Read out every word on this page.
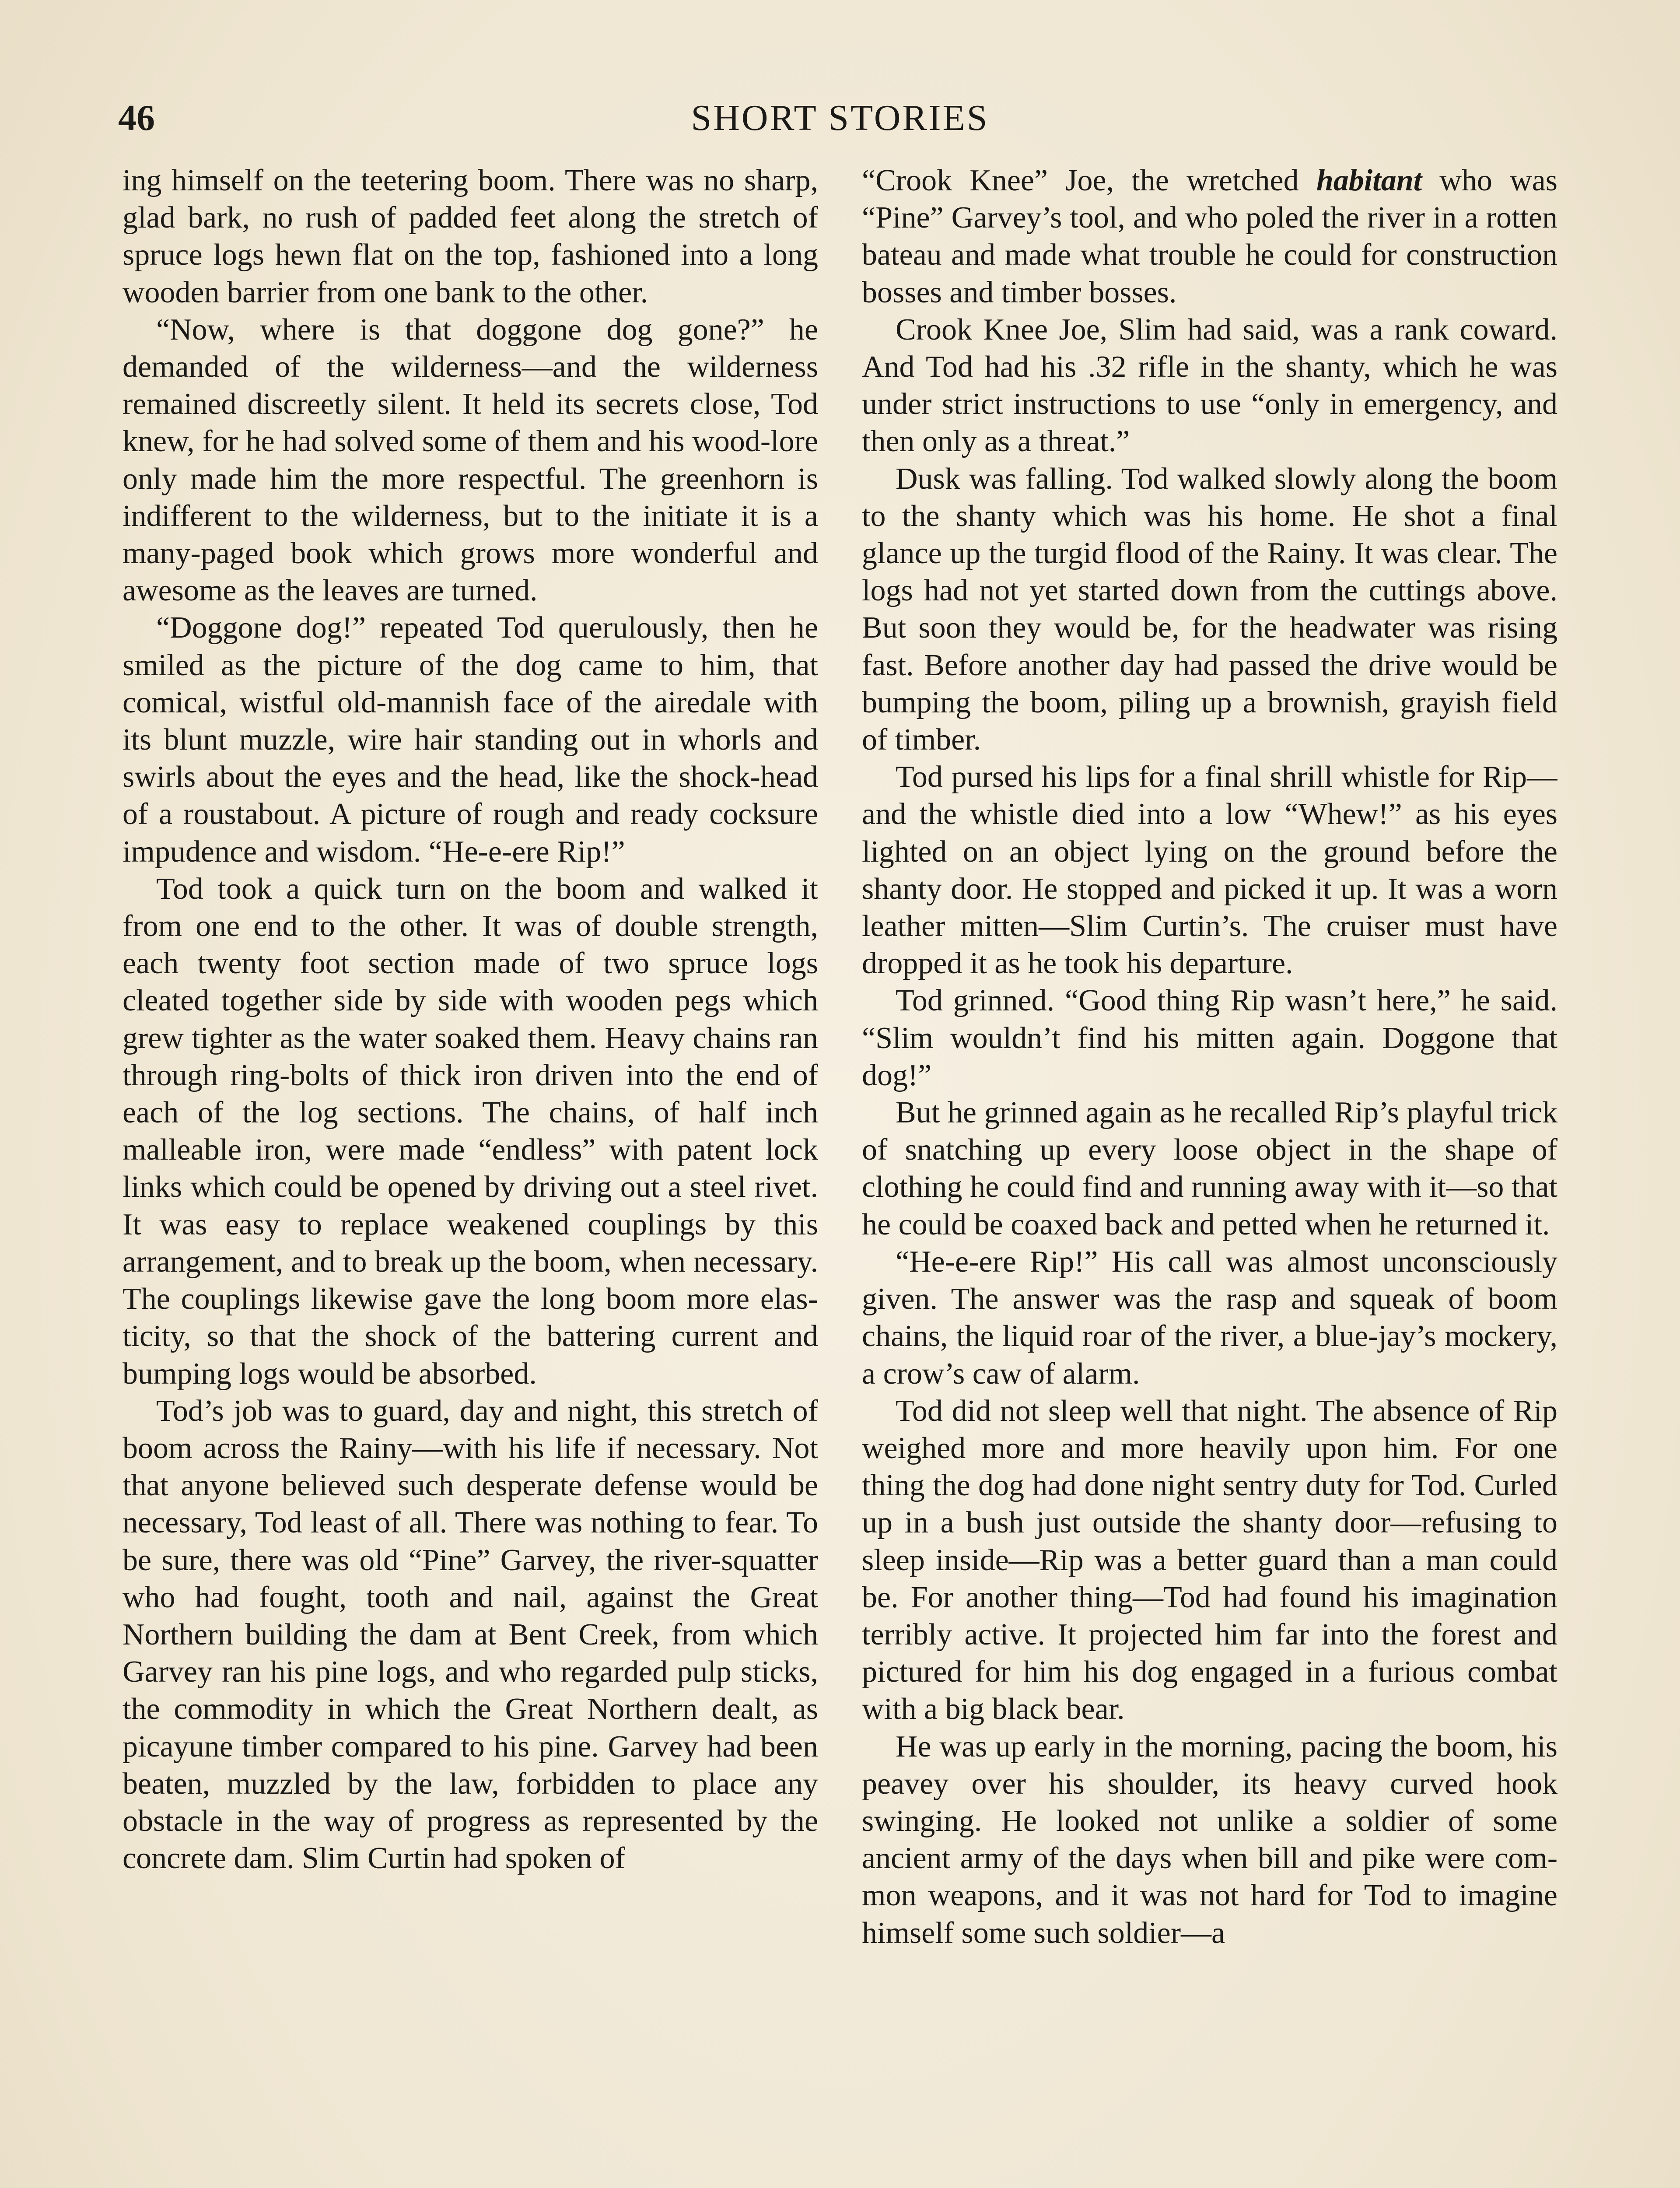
46	SHORT STORIES

ing himself on the teetering boom. There was no sharp, glad bark, no rush of padded feet along the stretch of spruce logs hewn flat on the top, fashioned into a long wooden barrier from one bank to the other.

“Now, where is that doggone dog gone?” he demanded of the wilderness—and the wilderness remained discreetly silent. It held its secrets close, Tod knew, for he had solved some of them and his wood-lore only made him the more respectful. The greenhorn is indifferent to the wilderness, but to the initiate it is a many-paged book which grows more wonderful and awesome as the leaves are turned.

“Doggone dog!” repeated Tod querulously, then he smiled as the picture of the dog came to him, that comical, wistful old-mannish face of the airedale with its blunt muzzle, wire hair standing out in whorls and swirls about the eyes and the head, like the shock-head of a roustabout. A picture of rough and ready cocksure impudence and wisdom. “He-e-ere Rip!”

Tod took a quick turn on the boom and walked it from one end to the other. It was of double strength, each twenty foot section made of two spruce logs cleated together side by side with wooden pegs which grew tighter as the water soaked them. Heavy chains ran through ring-bolts of thick iron driven into the end of each of the log sections. The chains, of half inch malleable iron, were made “endless” with patent lock links which could be opened by driving out a steel rivet. It was easy to replace weakened couplings by this arrangement, and to break up the boom, when necessary. The couplings likewise gave the long boom more elasticity, so that the shock of the battering current and bumping logs would be absorbed.

Tod’s job was to guard, day and night, this stretch of boom across the Rainy—with his life if necessary. Not that anyone believed such desperate defense would be necessary, Tod least of all. There was nothing to fear. To be sure, there was old “Pine” Garvey, the river-squatter who had fought, tooth and nail, against the Great Northern building the dam at Bent Creek, from which Garvey ran his pine logs, and who regarded pulp sticks, the commodity in which the Great Northern dealt, as picayune timber compared to his pine. Garvey had been beaten, muzzled by the law, forbidden to place any obstacle in the way of progress as represented by the concrete dam. Slim Curtin had spoken of

“Crook Knee” Joe, the wretched habitant who was “Pine” Garvey’s tool, and who poled the river in a rotten bateau and made what trouble he could for construction bosses and timber bosses.

Crook Knee Joe, Slim had said, was a rank coward. And Tod had his .32 rifle in the shanty, which he was under strict instructions to use “only in emergency, and then only as a threat.”

Dusk was falling. Tod walked slowly along the boom to the shanty which was his home. He shot a final glance up the turgid flood of the Rainy. It was clear. The logs had not yet started down from the cuttings above. But soon they would be, for the headwater was rising fast. Before another day had passed the drive would be bumping the boom, piling up a brownish, grayish field of timber.

Tod pursed his lips for a final shrill whistle for Rip—and the whistle died into a low “Whew!” as his eyes lighted on an object lying on the ground before the shanty door. He stopped and picked it up. It was a worn leather mitten—Slim Curtin’s. The cruiser must have dropped it as he took his departure.

Tod grinned. “Good thing Rip wasn’t here,” he said. “Slim wouldn’t find his mitten again. Doggone that dog!”

But he grinned again as he recalled Rip’s playful trick of snatching up every loose object in the shape of clothing he could find and running away with it—so that he could be coaxed back and petted when he returned it.

“He-e-ere Rip!” His call was almost unconsciously given. The answer was the rasp and squeak of boom chains, the liquid roar of the river, a blue-jay’s mockery, a crow’s caw of alarm.

Tod did not sleep well that night. The absence of Rip weighed more and more heavily upon him. For one thing the dog had done night sentry duty for Tod. Curled up in a bush just outside the shanty door—refusing to sleep inside—Rip was a better guard than a man could be. For another thing—Tod had found his imagination terribly active. It projected him far into the forest and pictured for him his dog engaged in a furious combat with a big black bear.

He was up early in the morning, pacing the boom, his peavey over his shoulder, its heavy curved hook swinging. He looked not unlike a soldier of some ancient army of the days when bill and pike were common weapons, and it was not hard for Tod to imagine himself some such soldier—a
